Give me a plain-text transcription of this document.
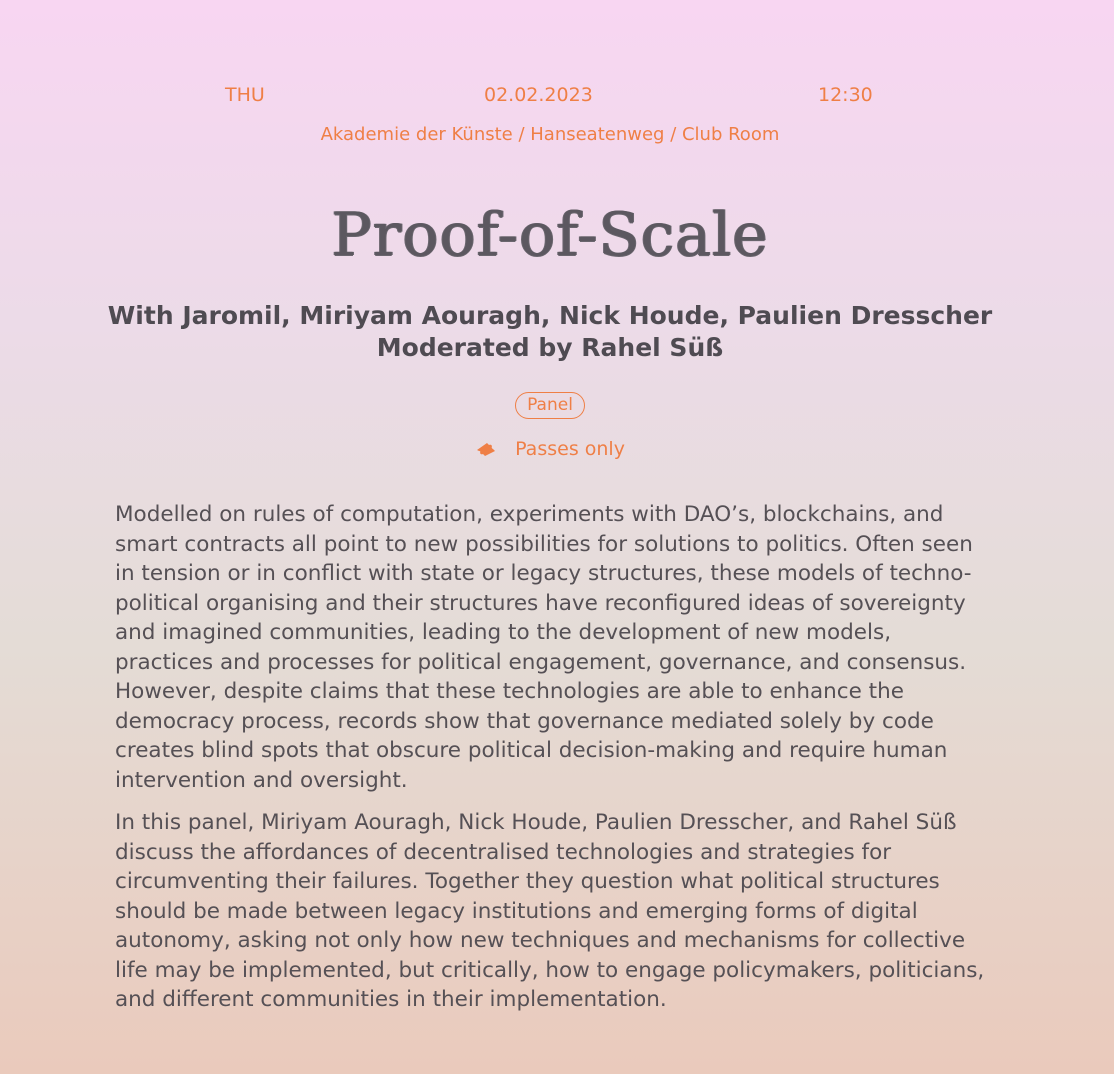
THU	02.02.2023	12:30
Akademie der Künste / Hanseatenweg / Club Room
Proof-of-Scale
With Jaromil, Miriyam Aouragh, Nick Houde, Paulien Dresscher
Moderated by Rahel Süß
Panel
Passes only

Modelled on rules of computation, experiments with DAO’s, blockchains, and smart contracts all point to new possibilities for solutions to politics. Often seen in tension or in conflict with state or legacy structures, these models of techno-political organising and their structures have reconfigured ideas of sovereignty and imagined communities, leading to the development of new models, practices and processes for political engagement, governance, and consensus. However, despite claims that these technologies are able to enhance the democracy process, records show that governance mediated solely by code creates blind spots that obscure political decision-making and require human intervention and oversight.

In this panel, Miriyam Aouragh, Nick Houde, Paulien Dresscher, and Rahel Süß discuss the affordances of decentralised technologies and strategies for circumventing their failures. Together they question what political structures should be made between legacy institutions and emerging forms of digital autonomy, asking not only how new techniques and mechanisms for collective life may be implemented, but critically, how to engage policymakers, politicians, and different communities in their implementation.
